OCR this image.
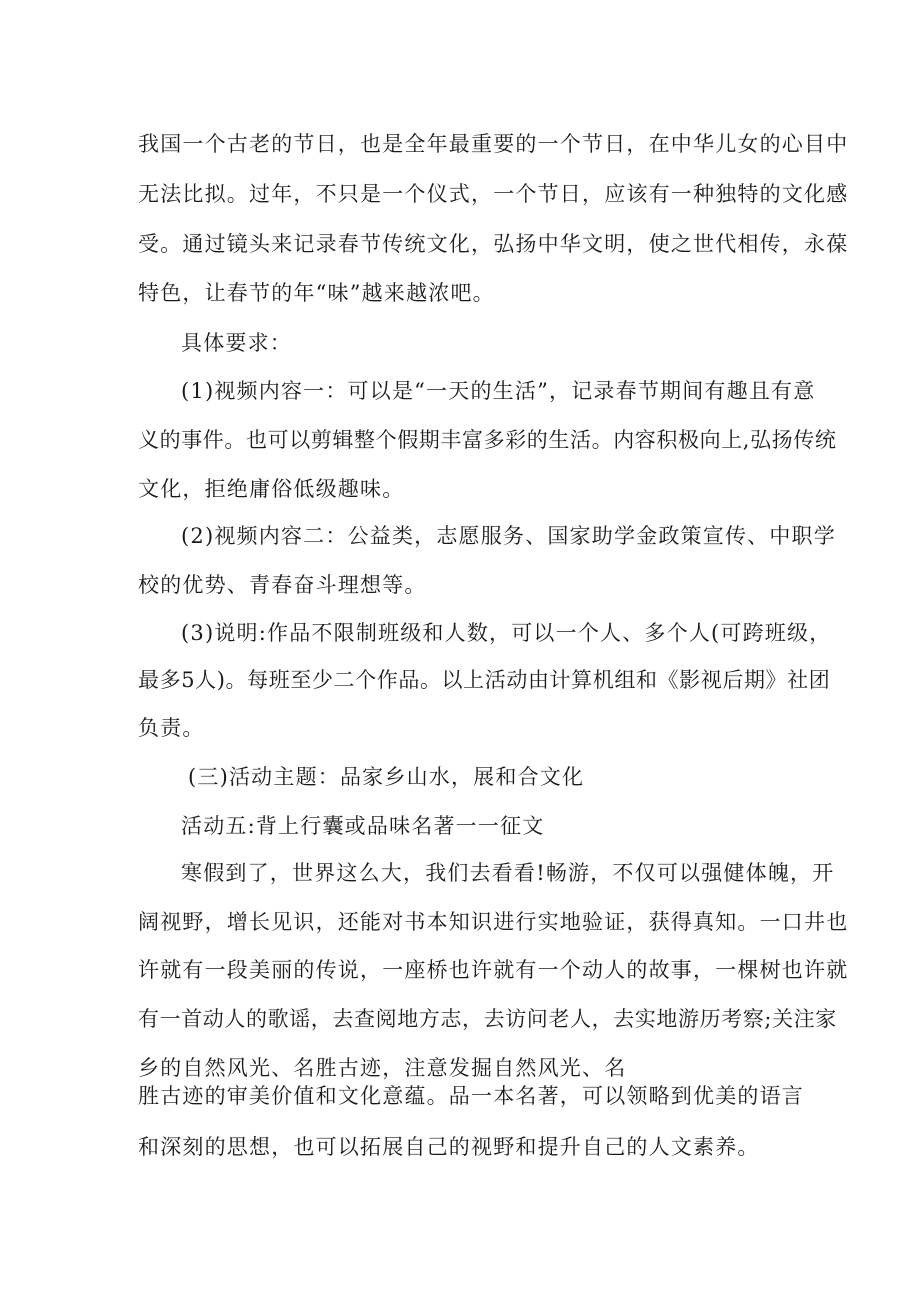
我国一个古老的节日，也是全年最重要的一个节日，在中华儿女的心目中
无法比拟。过年，不只是一个仪式，一个节日，应该有一种独特的文化感
受。通过镜头来记录春节传统文化，弘扬中华文明，使之世代相传，永葆
特色，让春节的年“味”越来越浓吧。
具体要求：
(1)视频内容一：可以是“一天的生活”，记录春节期间有趣且有意
义的事件。也可以剪辑整个假期丰富多彩的生活。内容积极向上,弘扬传统
文化，拒绝庸俗低级趣味。
(2)视频内容二：公益类，志愿服务、国家助学金政策宣传、中职学
校的优势、青春奋斗理想等。
(3)说明:作品不限制班级和人数，可以一个人、多个人(可跨班级，
最多5人)。每班至少二个作品。以上活动由计算机组和《影视后期》社团
负责。
(三)活动主题：品家乡山水，展和合文化
活动五:背上行囊或品味名著一一征文
寒假到了，世界这么大，我们去看看!畅游，不仅可以强健体魄，开
阔视野，增长见识，还能对书本知识进行实地验证，获得真知。一口井也
许就有一段美丽的传说，一座桥也许就有一个动人的故事，一棵树也许就
有一首动人的歌谣，去查阅地方志，去访问老人，去实地游历考察;关注家
乡的自然风光、名胜古迹，注意发掘自然风光、名
胜古迹的审美价值和文化意蕴。品一本名著，可以领略到优美的语言
和深刻的思想，也可以拓展自己的视野和提升自己的人文素养。
